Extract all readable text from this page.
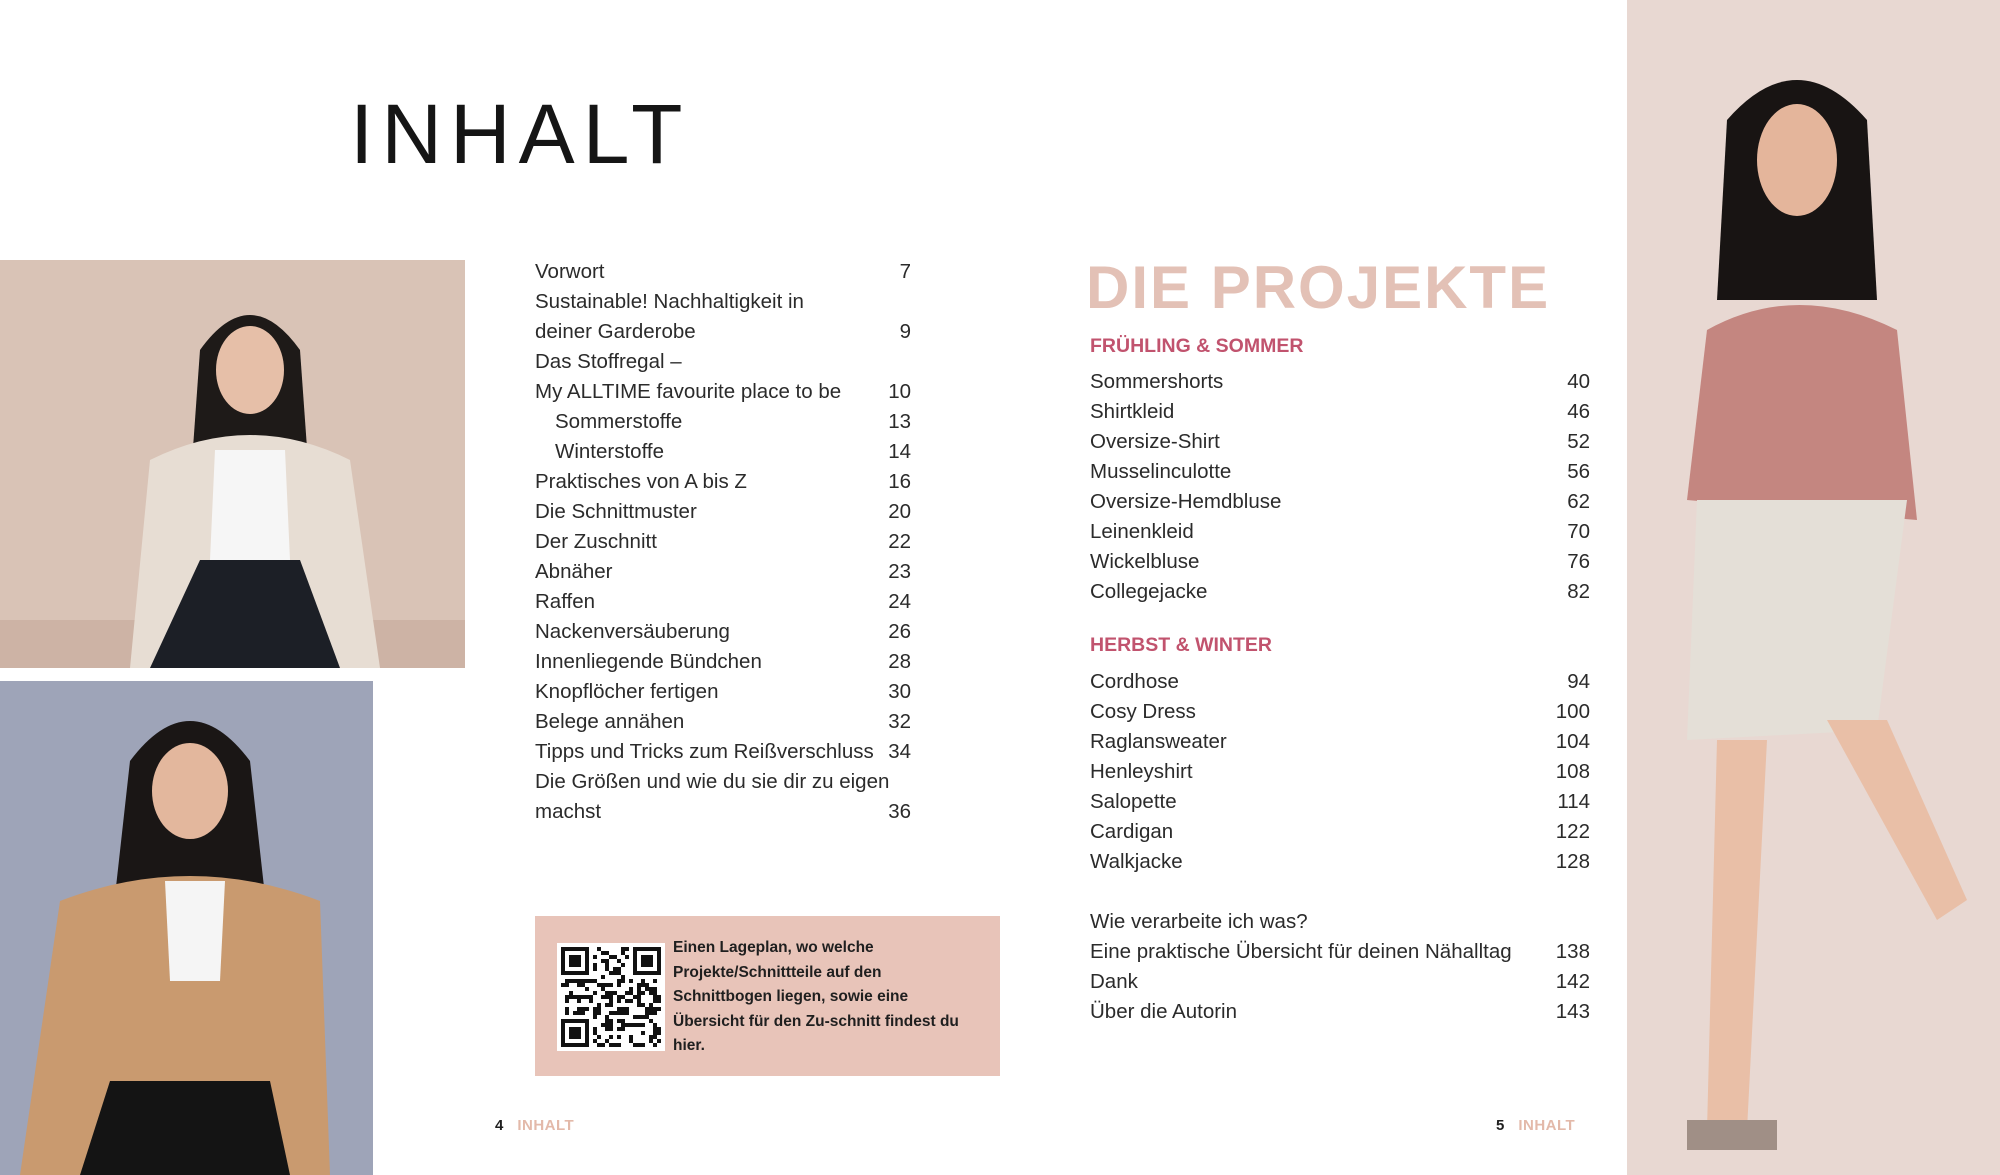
INHALT
Vorwort	7
Sustainable! Nachhaltigkeit in
deiner Garderobe	9
Das Stoffregal –
My ALLTIME favourite place to be 10
Sommerstoffe	13
Winterstoffe	14
Praktisches von A bis Z	16
Die Schnittmuster	20
Der Zuschnitt	22
Abnäher	23
Raffen	24
Nackenversäuberung	26
Innenliegende Bündchen	28
Knopflöcher fertigen	30
Belege annähen	32
Tipps und Tricks zum Reißverschluss 34
Die Größen und wie du sie dir zu eigen
machst	36
DIE PROJEKTE
FRÜHLING & SOMMER
Sommershorts	40
Shirtkleid	46
Oversize-Shirt	52
Musselinculotte	56
Oversize-Hemdbluse	62
Leinenkleid	70
Wickelbluse	76
Collegejacke	82
HERBST & WINTER
Cordhose	94
Cosy Dress	100
Raglansweater	104
Henleyshirt	108
Salopette	114
Cardigan	122
Walkjacke	128
Wie verarbeite ich was?
Eine praktische Übersicht für deinen Nähalltag 138
Dank	142
Über die Autorin	143
Einen Lageplan, wo welche Projekte/Schnittteile auf den Schnittbogen liegen, sowie eine Übersicht für den Zu-schnitt findest du hier.
4 INHALT	5 INHALT
